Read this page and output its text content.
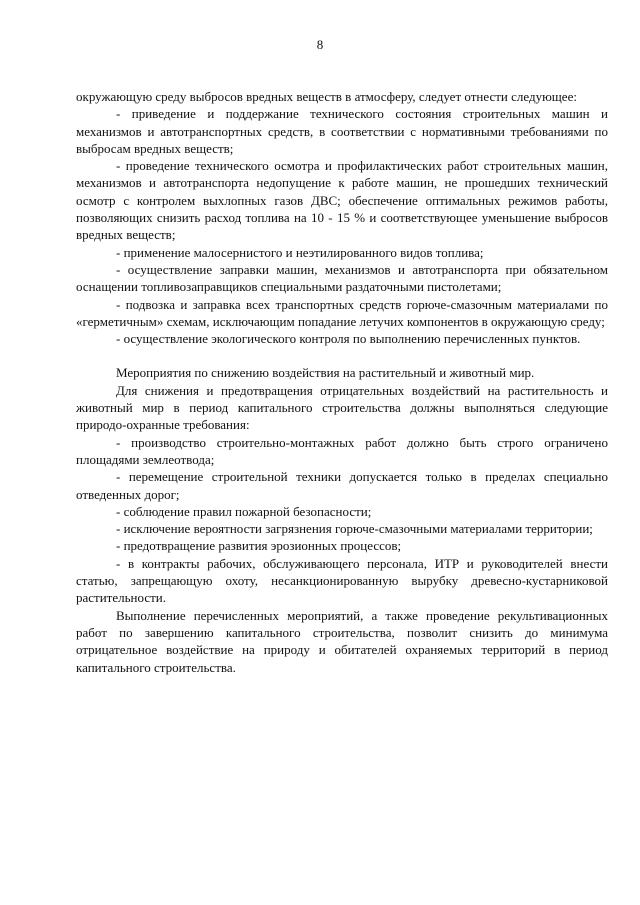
8

окружающую среду выбросов вредных веществ в атмосферу, следует отнести следующее:

- приведение и поддержание технического состояния строительных машин и механизмов и автотранспортных средств, в соответствии с нормативными требованиями по выбросам вредных веществ;

- проведение технического осмотра и профилактических работ строительных машин, механизмов и автотранспорта недопущение к работе машин, не прошедших технический осмотр с контролем выхлопных газов ДВС; обеспечение оптимальных режимов работы, позволяющих снизить расход топлива на 10 - 15 % и соответствующее уменьшение выбросов вредных веществ;

- применение малосернистого и неэтилированного видов топлива;

- осуществление заправки машин, механизмов и автотранспорта при обязательном оснащении топливозаправщиков специальными раздаточными пистолетами;

- подвозка и заправка всех транспортных средств горюче-смазочным материалами по «герметичным» схемам, исключающим попадание летучих компонентов в окружающую среду;

- осуществление экологического контроля по выполнению перечисленных пунктов.

Мероприятия по снижению воздействия на растительный и животный мир.

Для снижения и предотвращения отрицательных воздействий на растительность и животный мир в период капитального строительства должны выполняться следующие природо-охранные требования:

- производство строительно-монтажных работ должно быть строго ограничено площадями землеотвода;

- перемещение строительной техники допускается только в пределах специально отведенных дорог;

- соблюдение правил пожарной безопасности;

- исключение вероятности загрязнения горюче-смазочными материалами территории;

- предотвращение развития эрозионных процессов;

- в контракты рабочих, обслуживающего персонала, ИТР и руководителей внести статью, запрещающую охоту, несанкционированную вырубку древесно-кустарниковой растительности.

Выполнение перечисленных мероприятий, а также проведение рекультивационных работ по завершению капитального строительства, позволит снизить до минимума отрицательное воздействие на природу и обитателей охраняемых территорий в период капитального строительства.
